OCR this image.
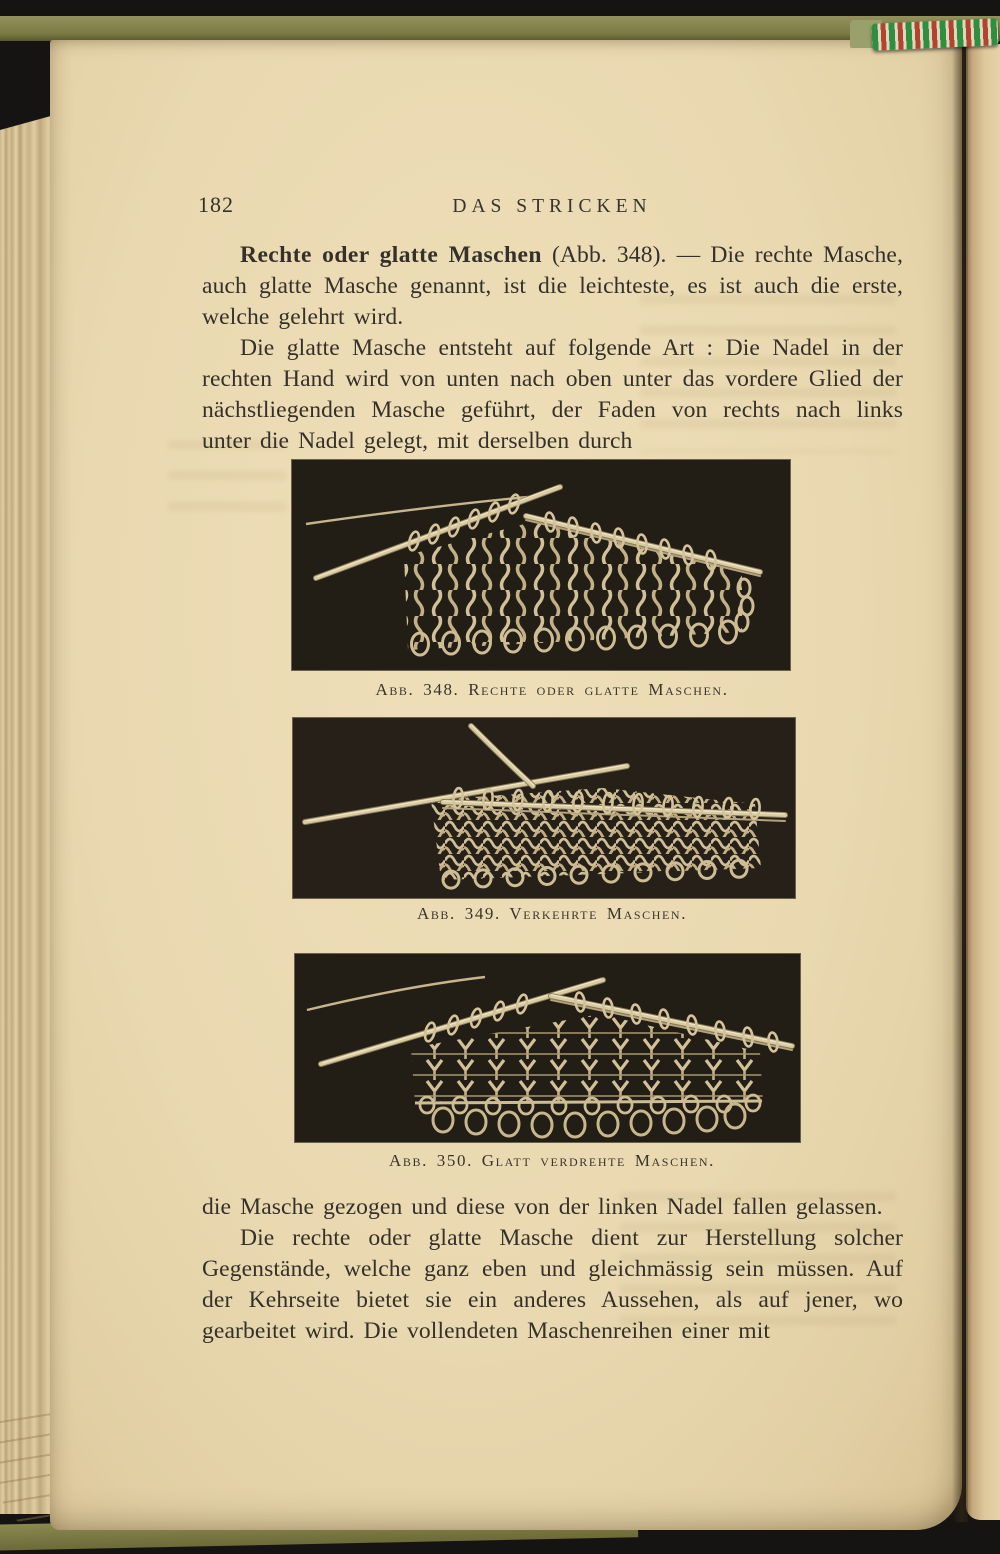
182	DAS STRICKEN

Rechte oder glatte Maschen (Abb. 348). — Die rechte Masche, auch glatte Masche genannt, ist die leichteste, es ist auch die erste, welche gelehrt wird.

Die glatte Masche entsteht auf folgende Art : Die Nadel in der rechten Hand wird von unten nach oben unter das vordere Glied der nächstliegenden Masche geführt, der Faden von rechts nach links unter die Nadel gelegt, mit derselben durch

Abb. 348. Rechte oder glatte Maschen.
Abb. 349. Verkehrte Maschen.
Abb. 350. Glatt verdrehte Maschen.

die Masche gezogen und diese von der linken Nadel fallen gelassen.

Die rechte oder glatte Masche dient zur Herstellung solcher Gegenstände, welche ganz eben und gleichmässig sein müssen. Auf der Kehrseite bietet sie ein anderes Aussehen, als auf jener, wo gearbeitet wird. Die vollendeten Maschenreihen einer mit
